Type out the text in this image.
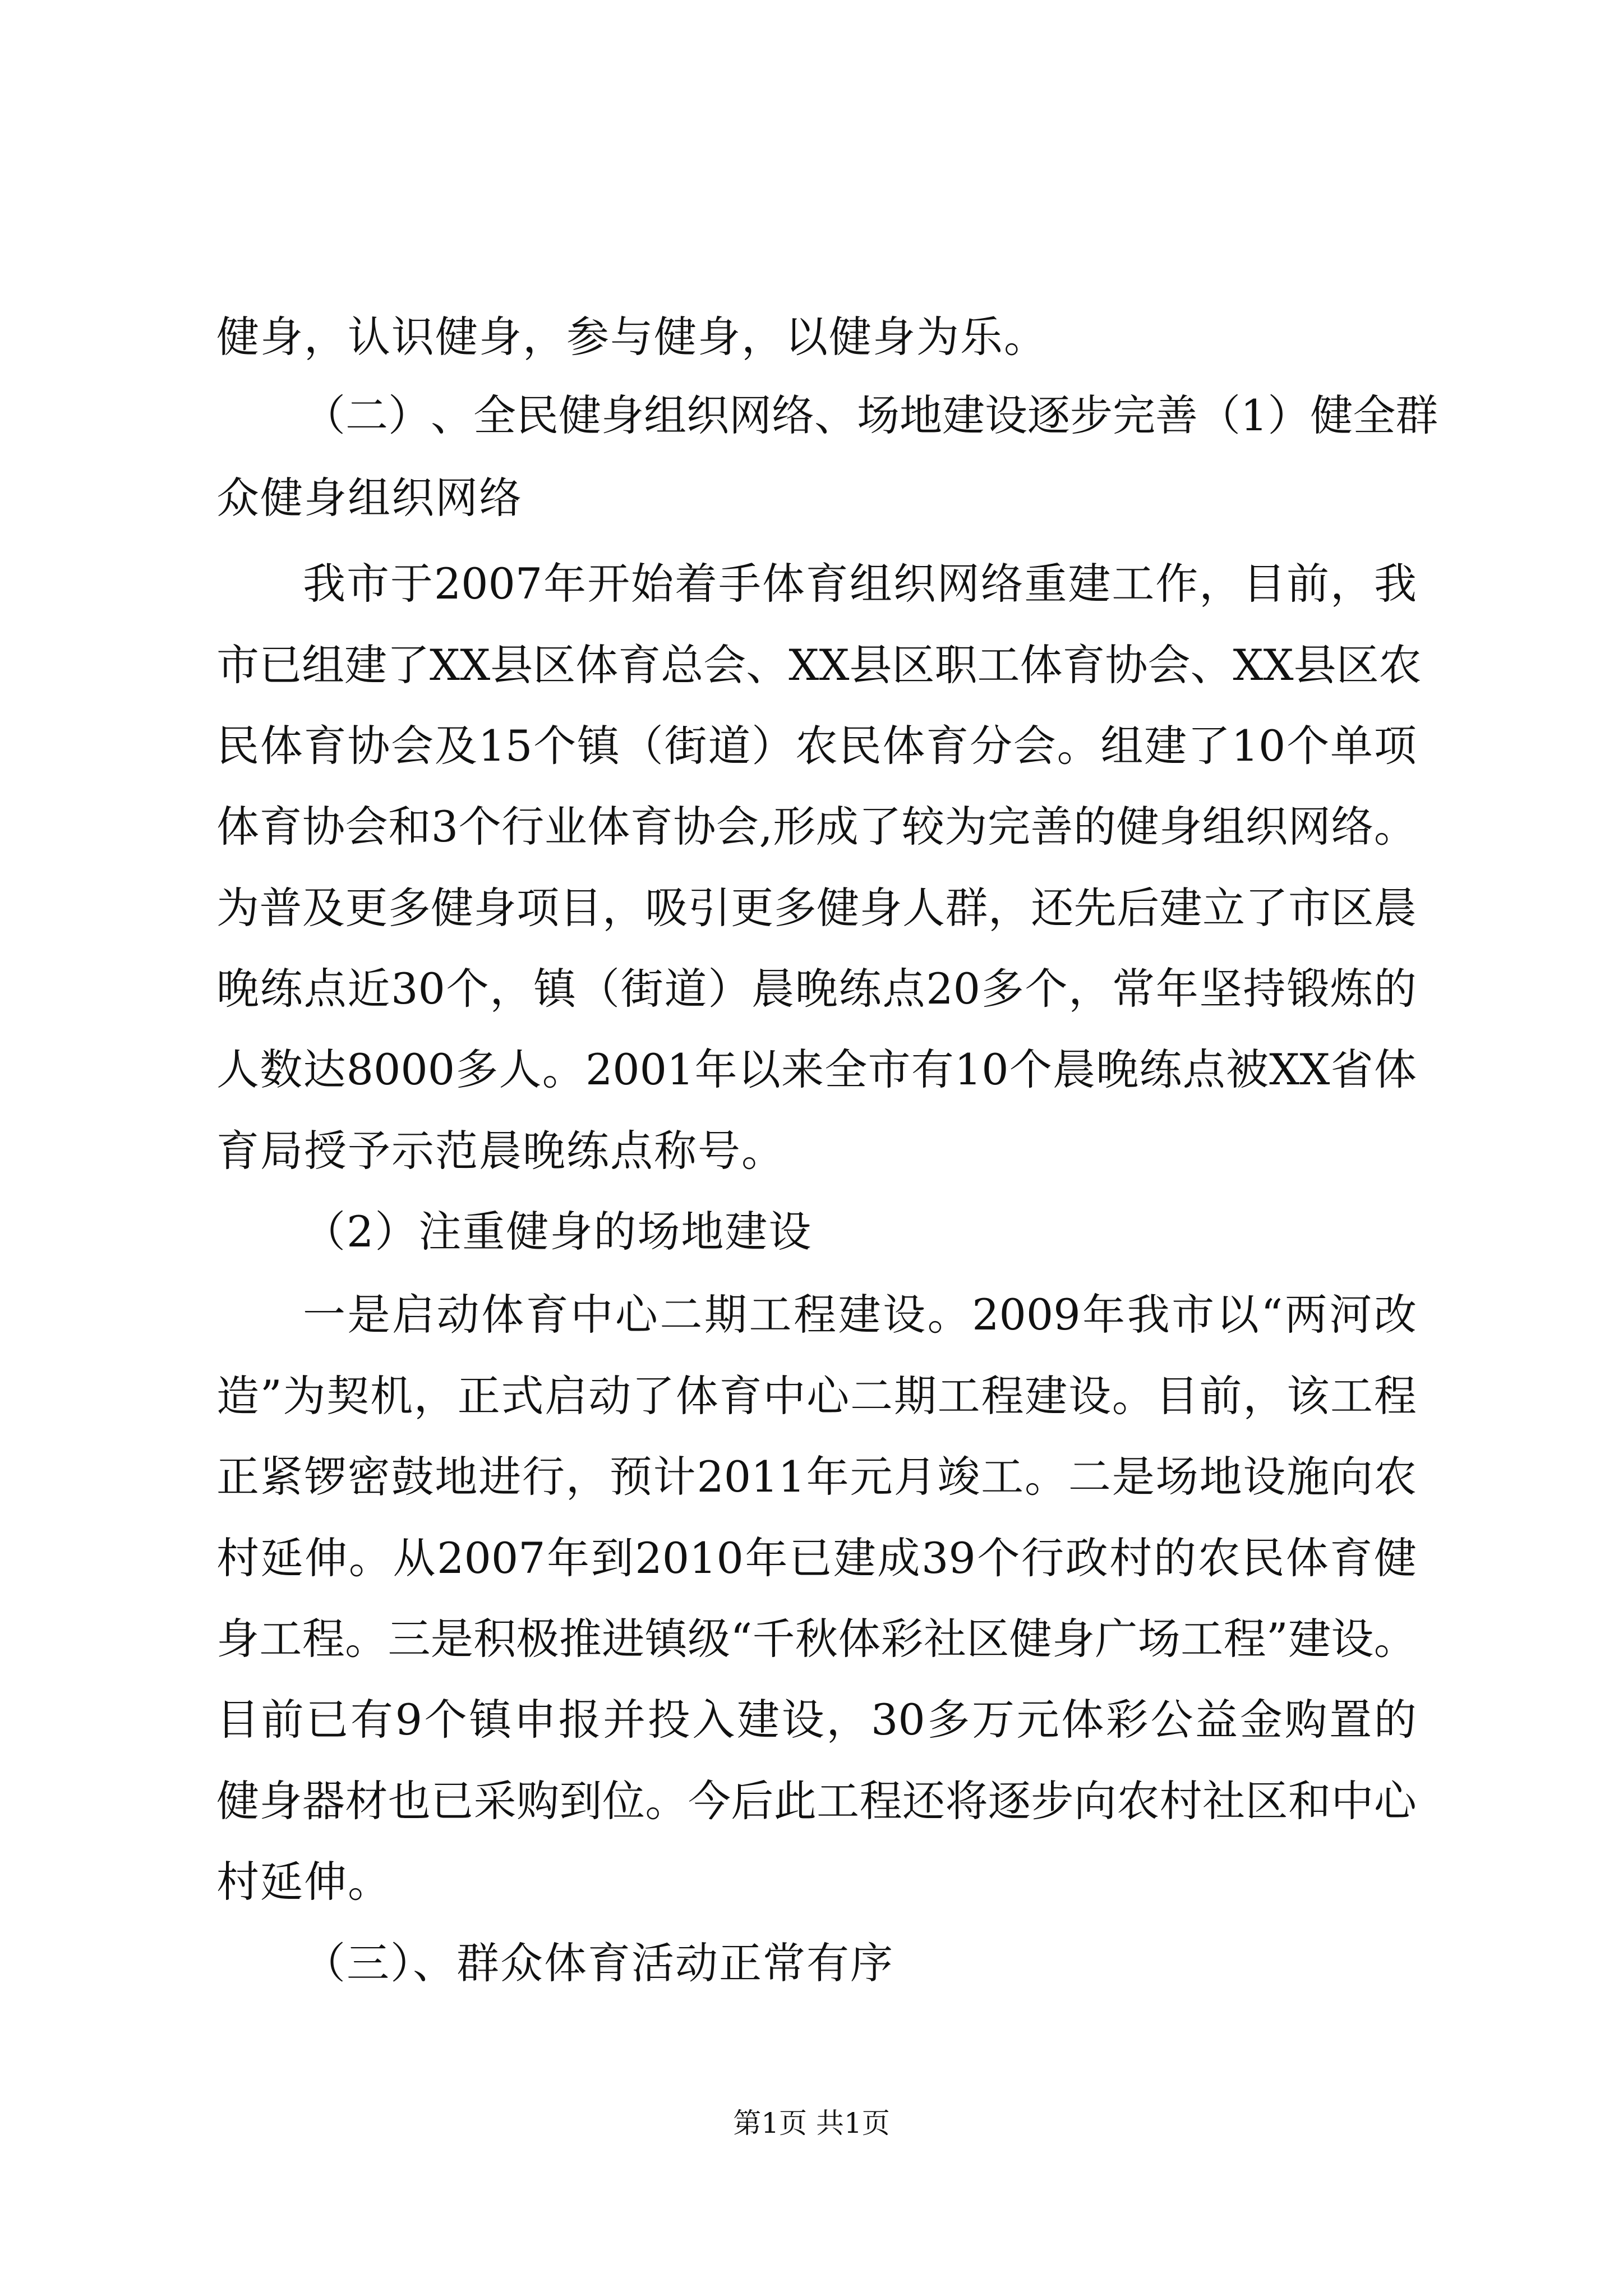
健身，认识健身，参与健身，以健身为乐。
（ 二 ） 、 全 民 健 身 组 织 网 络 、 场 地 建 设 逐 步 完 善 （ 1 ） 健 全 群
众健身组织网络
我 市 于 2007 年 开 始 着 手 体 育 组 织 网 络 重 建 工 作 ， 目 前 ， 我
市 已 组 建 了 XX 县 区 体 育 总 会 、 XX 县 区 职 工 体 育 协 会 、 XX 县 区 农
民 体 育 协 会 及 15 个 镇 （ 街 道 ） 农 民 体 育 分 会 。 组 建 了 10 个 单 项
体 育 协 会 和 3 个 行 业 体 育 协 会 , 形 成 了 较 为 完 善 的 健 身 组 织 网 络 。
为 普 及 更 多 健 身 项 目 ， 吸 引 更 多 健 身 人 群 ， 还 先 后 建 立 了 市 区 晨
晚 练 点 近 30 个 ， 镇 （ 街 道 ） 晨 晚 练 点 20 多 个 ， 常 年 坚 持 锻 炼 的
人 数 达 8000 多 人 。 2001 年 以 来 全 市 有 10 个 晨 晚 练 点 被 XX 省 体
育局授予示范晨晚练点称号。
（2）注重健身的场地建设
一 是 启 动 体 育 中 心 二 期 工 程 建 设 。 2009 年 我 市 以 “ 两 河 改
造 ” 为 契 机 ， 正 式 启 动 了 体 育 中 心 二 期 工 程 建 设 。 目 前 ， 该 工 程
正 紧 锣 密 鼓 地 进 行 ， 预 计 2011 年 元 月 竣 工 。 二 是 场 地 设 施 向 农
村 延 伸 。 从 2007 年 到 2010 年 已 建 成 39 个 行 政 村 的 农 民 体 育 健
身 工 程 。 三 是 积 极 推 进 镇 级 “ 千 秋 体 彩 社 区 健 身 广 场 工 程 ” 建 设 。
目 前 已 有 9 个 镇 申 报 并 投 入 建 设 ， 30 多 万 元 体 彩 公 益 金 购 置 的
健 身 器 材 也 已 采 购 到 位 。 今 后 此 工 程 还 将 逐 步 向 农 村 社 区 和 中 心
村延伸。
（三）、群众体育活动正常有序
第1页 共1页
